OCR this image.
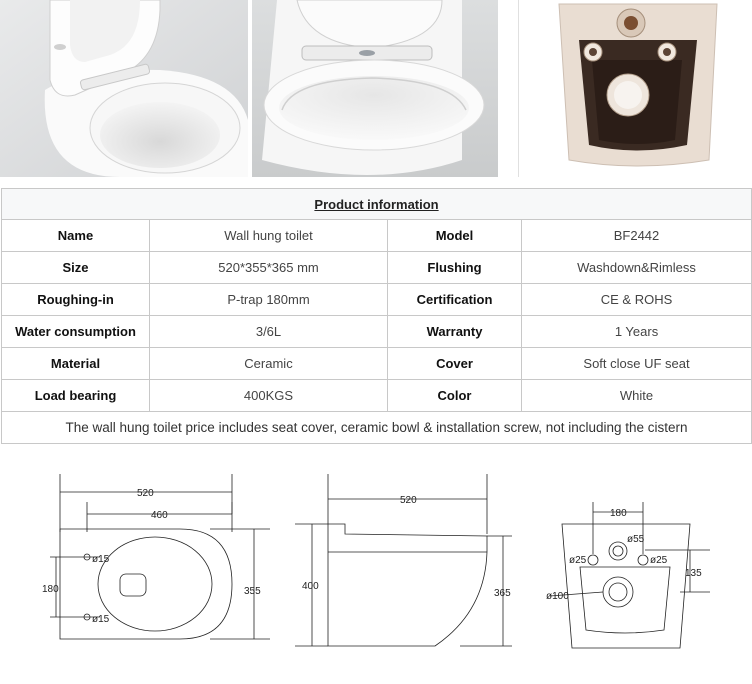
Product information			
Name	Wall hung toilet	Model	BF2442
Size	520*355*365 mm	Flushing	Washdown&Rimless
Roughing-in	P-trap 180mm	Certification	CE & ROHS
Water consumption	3/6L	Warranty	1 Years
Material	Ceramic	Cover	Soft close UF seat
Load bearing	400KGS	Color	White
The wall hung toilet price includes seat cover, ceramic bowl & installation screw, not including the cistern			
520
460
355
180
ø15
ø15
520
400
365
180
135
ø55
ø25	ø25
ø100
